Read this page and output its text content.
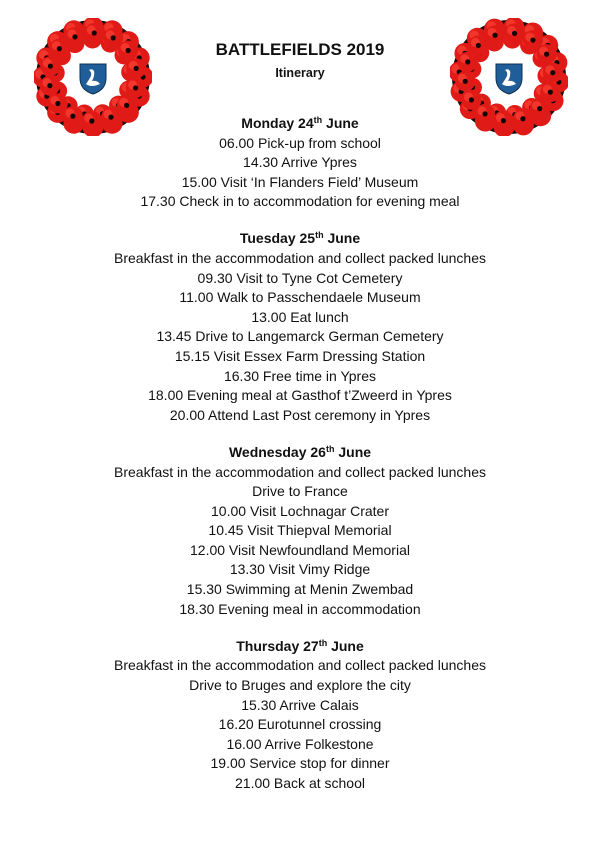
BATTLEFIELDS 2019
Itinerary
Monday 24th June
06.00 Pick-up from school
14.30 Arrive Ypres
15.00 Visit ‘In Flanders Field’ Museum
17.30 Check in to accommodation for evening meal
Tuesday 25th June
Breakfast in the accommodation and collect packed lunches
09.30 Visit to Tyne Cot Cemetery
11.00 Walk to Passchendaele Museum
13.00 Eat lunch
13.45 Drive to Langemarck German Cemetery
15.15 Visit Essex Farm Dressing Station
16.30 Free time in Ypres
18.00 Evening meal at Gasthof t’Zweerd in Ypres
20.00 Attend Last Post ceremony in Ypres
Wednesday 26th June
Breakfast in the accommodation and collect packed lunches
Drive to France
10.00 Visit Lochnagar Crater
10.45 Visit Thiepval Memorial
12.00 Visit Newfoundland Memorial
13.30 Visit Vimy Ridge
15.30 Swimming at Menin Zwembad
18.30 Evening meal in accommodation
Thursday 27th June
Breakfast in the accommodation and collect packed lunches
Drive to Bruges and explore the city
15.30 Arrive Calais
16.20 Eurotunnel crossing
16.00 Arrive Folkestone
19.00 Service stop for dinner
21.00 Back at school
